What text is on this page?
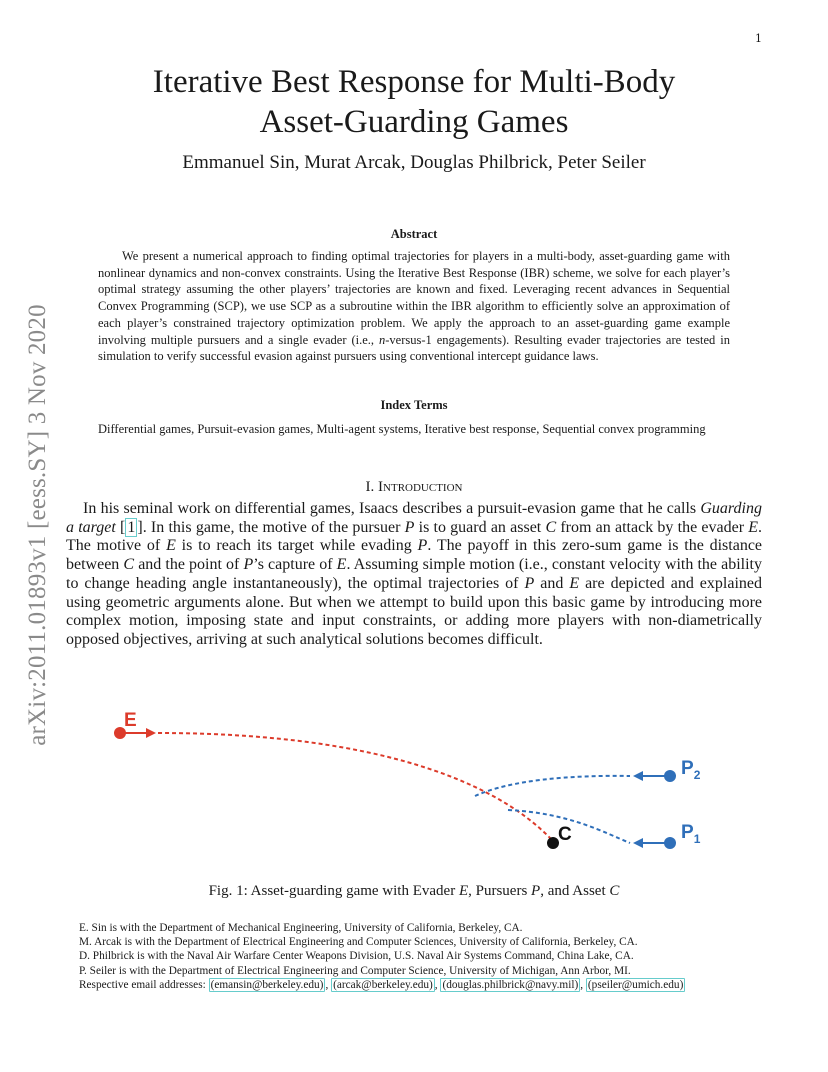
1
arXiv:2011.01893v1 [eess.SY] 3 Nov 2020
Iterative Best Response for Multi-Body
Asset-Guarding Games
Emmanuel Sin, Murat Arcak, Douglas Philbrick, Peter Seiler
Abstract
We present a numerical approach to finding optimal trajectories for players in a multi-body, asset-guarding game with nonlinear dynamics and non-convex constraints. Using the Iterative Best Response (IBR) scheme, we solve for each player’s optimal strategy assuming the other players’ trajectories are known and fixed. Leveraging recent advances in Sequential Convex Programming (SCP), we use SCP as a subroutine within the IBR algorithm to efficiently solve an approximation of each player’s constrained trajectory optimization problem. We apply the approach to an asset-guarding game example involving multiple pursuers and a single evader (i.e., n-versus-1 engagements). Resulting evader trajectories are tested in simulation to verify successful evasion against pursuers using conventional intercept guidance laws.
Index Terms
Differential games, Pursuit-evasion games, Multi-agent systems, Iterative best response, Sequential convex programming
I. Introduction
In his seminal work on differential games, Isaacs describes a pursuit-evasion game that he calls Guarding a target [ 1 ]. In this game, the motive of the pursuer P is to guard an asset C from an attack by the evader E. The motive of E is to reach its target while evading P. The payoff in this zero-sum game is the distance between C and the point of P’s capture of E. Assuming simple motion (i.e., constant velocity with the ability to change heading angle instantaneously), the optimal trajectories of P and E are depicted and explained using geometric arguments alone. But when we attempt to build upon this basic game by introducing more complex motion, imposing state and input constraints, or adding more players with non-diametrically opposed objectives, arriving at such analytical solutions becomes difficult.
E
$P_2$
$P_1$
C
Fig. 1: Asset-guarding game with Evader E, Pursuers P, and Asset C
E. Sin is with the Department of Mechanical Engineering, University of California, Berkeley, CA.
M. Arcak is with the Department of Electrical Engineering and Computer Sciences, University of California, Berkeley, CA.
D. Philbrick is with the Naval Air Warfare Center Weapons Division, U.S. Naval Air Systems Command, China Lake, CA.
P. Seiler is with the Department of Electrical Engineering and Computer Science, University of Michigan, Ann Arbor, MI.
Respective email addresses: (emansin@berkeley.edu) , (arcak@berkeley.edu) , (douglas.philbrick@navy.mil) , (pseiler@umich.edu)
